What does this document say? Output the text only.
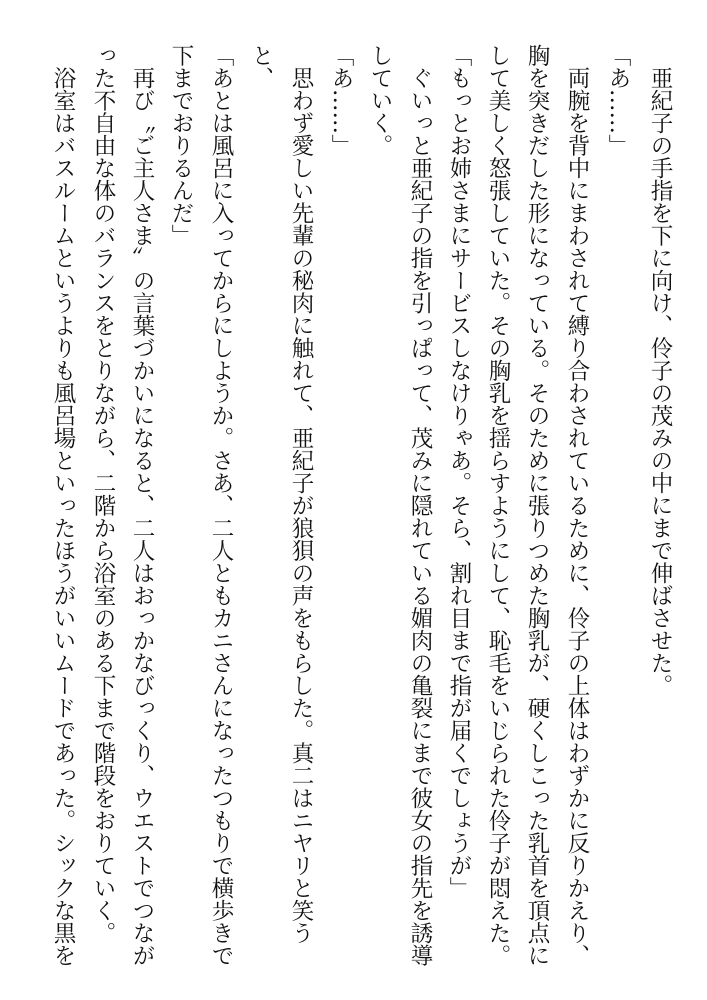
　亜紀子の手指を下に向け、伶子の茂みの中にまで伸ばさせた。
「あ……」
　両腕を背中にまわされて縛り合わされているために、伶子の上体はわずかに反りかえり、
胸を突きだした形になっている。そのために張りつめた胸乳が、硬くしこった乳首を頂点に
して美しく怒張していた。その胸乳を揺らすようにして、恥毛をいじられた伶子が悶えた。
「もっとお姉さまにサービスしなけりゃあ。そら、割れ目まで指が届くでしょうが」
　ぐいっと亜紀子の指を引っぱって、茂みに隠れている媚肉の亀裂にまで彼女の指先を誘導
していく。
「あ……」
　思わず愛しい先輩の秘肉に触れて、亜紀子が狼狽の声をもらした。真二はニヤリと笑う
と、
「あとは風呂に入ってからにしようか。さあ、二人ともカニさんになったつもりで横歩きで
下までおりるんだ」
　再び〝ご主人さま〟の言葉づかいになると、二人はおっかなびっくり、ウエストでつなが
った不自由な体のバランスをとりながら、二階から浴室のある下まで階段をおりていく。
　浴室はバスルームというよりも風呂場といったほうがいいムードであった。シックな黒を
